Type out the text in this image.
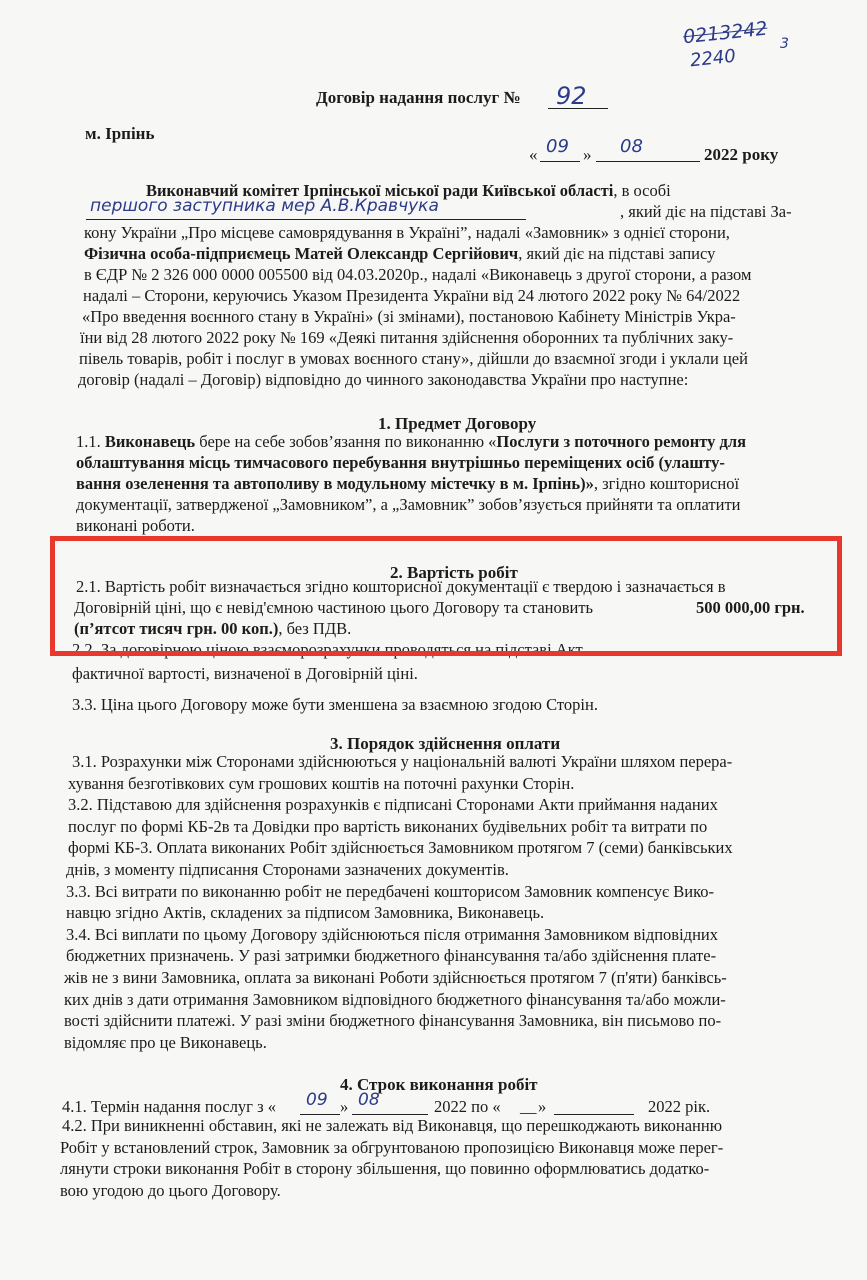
0213242
2240
3
Договір надання послуг № 92
м. Ірпінь
« 09 » 08	2022 року
Виконавчий комітет Ірпінської міської ради Київської області, в особі
першого заступника мер А.В.Кравчука	, який діє на підставі За-
кону України „Про місцеве самоврядування в Україні”, надалі «Замовник» з однієї сторони,
Фізична особа-підприємець Матей Олександр Сергійович, який діє на підставі запису
в ЄДР № 2 326 000 0000 005500 від 04.03.2020р., надалі «Виконавець з другої сторони, а разом
надалі – Сторони, керуючись Указом Президента України від 24 лютого 2022 року № 64/2022
«Про введення воєнного стану в Україні» (зі змінами), постановою Кабінету Міністрів Укра-
їни від 28 лютого 2022 року № 169 «Деякі питання здійснення оборонних та публічних заку-
півель товарів, робіт і послуг в умовах воєнного стану», дійшли до взаємної згоди і уклали цей
договір (надалі – Договір) відповідно до чинного законодавства України про наступне:
1. Предмет Договору
1.1. Виконавець бере на себе зобов’язання по виконанню «Послуги з поточного ремонту для
облаштування місць тимчасового перебування внутрішньо переміщених осіб (улашту-
вання озеленення та автополиву в модульному містечку в м. Ірпінь)», згідно кошторисної
документації, затвердженої „Замовником”, а „Замовник” зобов’язується прийняти та оплатити
виконані роботи.
2. Вартість робіт
2.1. Вартість робіт визначається згідно кошторисної документації є твердою і зазначається в
Договірній ціні, що є невід'ємною частиною цього Договору та становить	500 000,00 грн.
(п’ятсот тисяч грн. 00 коп.), без ПДВ.
2.2. За договірною ціною взаєморозрахунки проводяться на підставі Акт
фактичної вартості, визначеної в Договірній ціні.
3.3. Ціна цього Договору може бути зменшена за взаємною згодою Сторін.
3. Порядок здійснення оплати
3.1. Розрахунки між Сторонами здійснюються у національній валюті України шляхом перера-
хування безготівкових сум грошових коштів на поточні рахунки Сторін.
3.2. Підставою для здійснення розрахунків є підписані Сторонами Акти приймання наданих
послуг по формі КБ-2в та Довідки про вартість виконаних будівельних робіт та витрати по
формі КБ-3. Оплата виконаних Робіт здійснюється Замовником протягом 7 (семи) банківських
днів, з моменту підписання Сторонами зазначених документів.
3.3. Всі витрати по виконанню робіт не передбачені кошторисом Замовник компенсує Вико-
навцю згідно Актів, складених за підписом Замовника, Виконавець.
3.4. Всі виплати по цьому Договору здійснюються після отримання Замовником відповідних
бюджетних призначень. У разі затримки бюджетного фінансування та/або здійснення плате-
жів не з вини Замовника, оплата за виконані Роботи здійснюється протягом 7 (п'яти) банківсь-
ких днів з дати отримання Замовником відповідного бюджетного фінансування та/або можли-
вості здійснити платежі. У разі зміни бюджетного фінансування Замовника, він письмово по-
відомляє про це Виконавець.
4. Строк виконання робіт
4.1. Термін надання послуг з « 09 » 08	2022 по « __ »	2022 рік.
4.2. При виникненні обставин, які не залежать від Виконавця, що перешкоджають виконанню
Робіт у встановлений строк, Замовник за обгрунтованою пропозицією Виконавця може перег-
лянути строки виконання Робіт в сторону збільшення, що повинно оформлюватись додатко-
вою угодою до цього Договору.
